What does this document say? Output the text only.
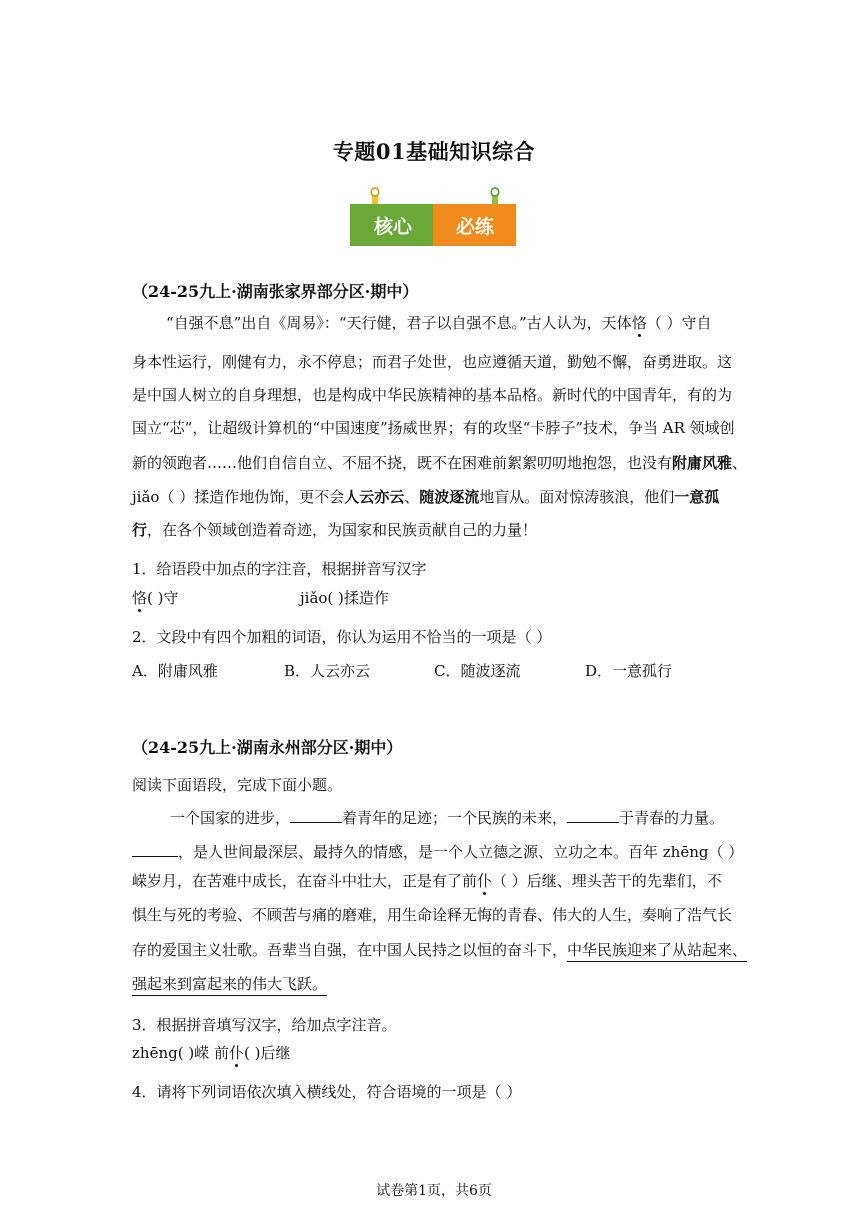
专题01基础知识综合
核心 必练
（24-25九上·湖南张家界部分区·期中）
“自强不息”出自《周易》：“天行健，君子以自强不息。”古人认为，天体恪（ ）守自
身本性运行，刚健有力，永不停息；而君子处世，也应遵循天道，勤勉不懈，奋勇进取。这
是中国人树立的自身理想，也是构成中华民族精神的基本品格。新时代的中国青年，有的为
国立“芯”，让超级计算机的“中国速度”扬威世界；有的攻坚“卡脖子”技术，争当 AR 领域创
新的领跑者……他们自信自立、不屈不挠，既不在困难前絮絮叨叨地抱怨，也没有附庸风雅、
jiǎo（ ）揉造作地伪饰，更不会人云亦云、随波逐流地盲从。面对惊涛骇浪，他们一意孤
行，在各个领域创造着奇迹，为国家和民族贡献自己的力量！
1．给语段中加点的字注音，根据拼音写汉字
恪( )守	jiǎo( )揉造作
2．文段中有四个加粗的词语，你认为运用不恰当的一项是（ ）
A．附庸风雅	B．人云亦云	C．随波逐流	D．一意孤行
（24-25九上·湖南永州部分区·期中）
阅读下面语段，完成下面小题。
一个国家的进步，	着青年的足迹；一个民族的未来，	于青春的力量。
，是人世间最深层、最持久的情感，是一个人立德之源、立功之本。百年 zhēng（ ）
嵘岁月，在苦难中成长，在奋斗中壮大，正是有了前仆（ ）后继、埋头苦干的先辈们，不
惧生与死的考验、不顾苦与痛的磨难，用生命诠释无悔的青春、伟大的人生，奏响了浩气长
存的爱国主义壮歌。吾辈当自强，在中国人民持之以恒的奋斗下，中华民族迎来了从站起来、
强起来到富起来的伟大飞跃。
3．根据拼音填写汉字，给加点字注音。
zhēng( )嵘 前仆( )后继
4．请将下列词语依次填入横线处，符合语境的一项是（ ）
试卷第1页，共6页
